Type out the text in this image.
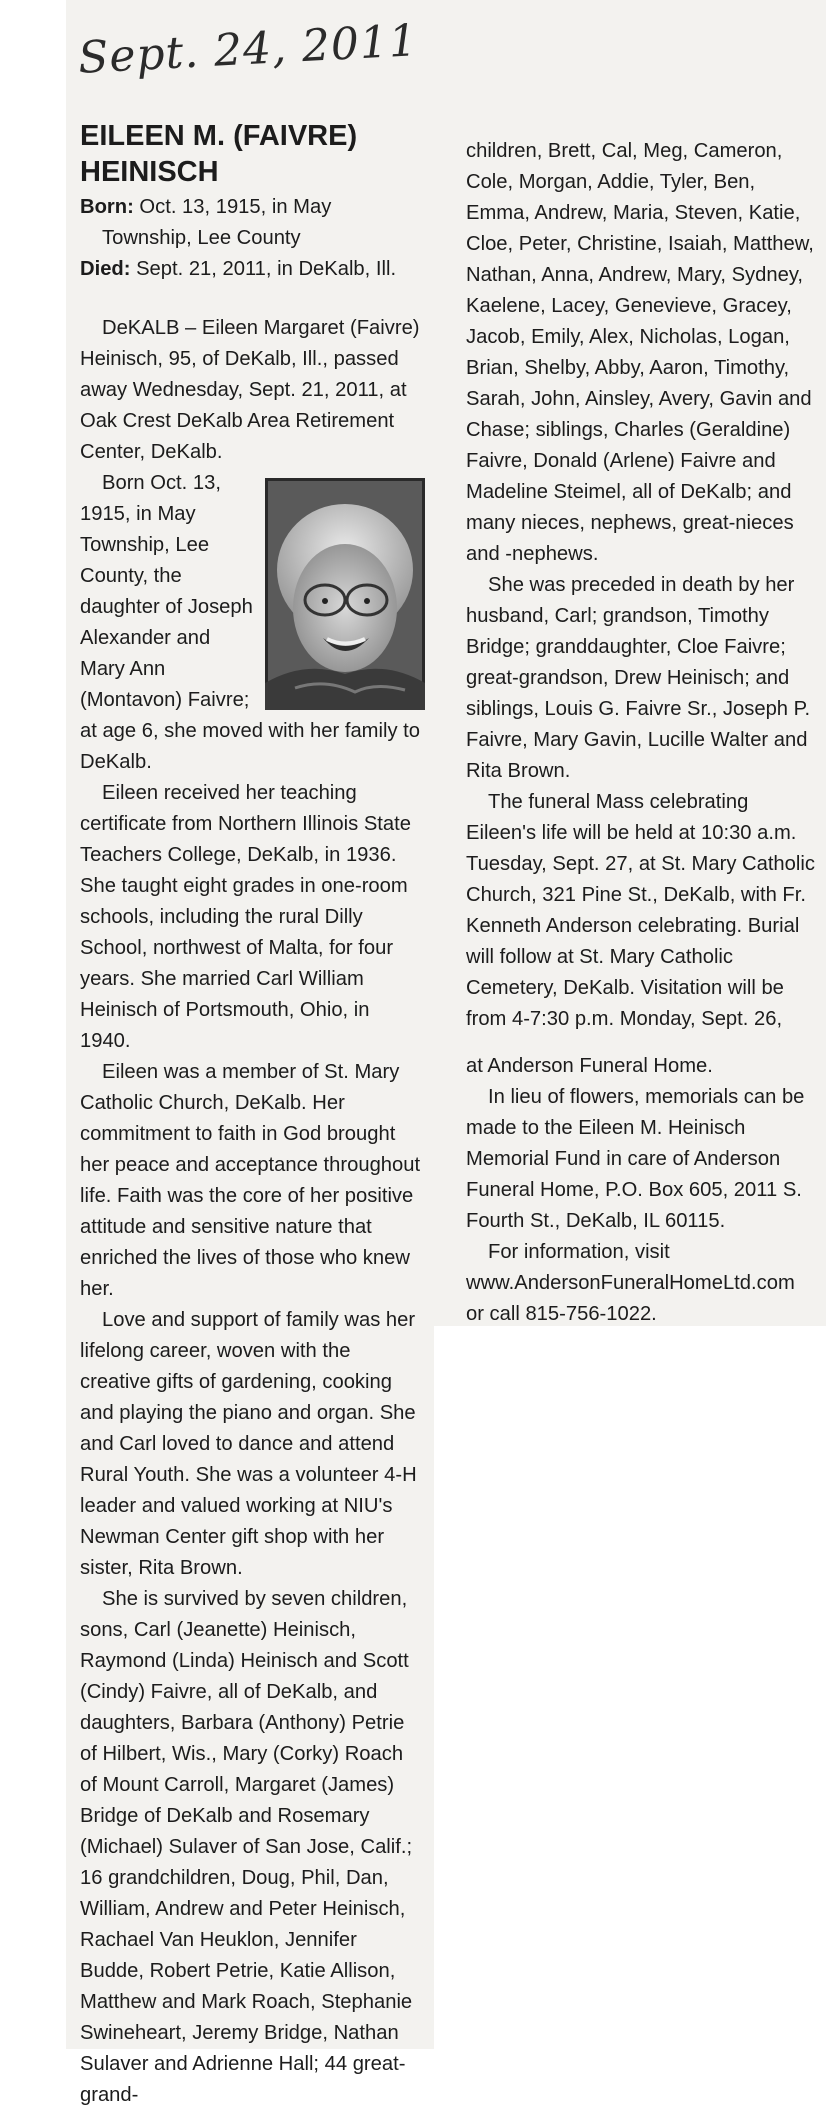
Sept. 24, 2011
EILEEN M. (FAIVRE) HEINISCH

Born: Oct. 13, 1915, in May Township, Lee County

Died: Sept. 21, 2011, in DeKalb, Ill.

DeKALB – Eileen Margaret (Faivre) Heinisch, 95, of DeKalb, Ill., passed away Wednesday, Sept. 21, 2011, at Oak Crest DeKalb Area Retirement Center, DeKalb.

Born Oct. 13, 1915, in May Township, Lee County, the daughter of Joseph Alexander and Mary Ann (Montavon) Faivre; at age 6, she moved with her family to DeKalb.

Eileen received her teaching certificate from Northern Illinois State Teachers College, DeKalb, in 1936. She taught eight grades in one-room schools, including the rural Dilly School, northwest of Malta, for four years. She married Carl William Heinisch of Portsmouth, Ohio, in 1940.

Eileen was a member of St. Mary Catholic Church, DeKalb. Her commitment to faith in God brought her peace and acceptance throughout life. Faith was the core of her positive attitude and sensitive nature that enriched the lives of those who knew her.

Love and support of family was her lifelong career, woven with the creative gifts of gardening, cooking and playing the piano and organ. She and Carl loved to dance and attend Rural Youth. She was a volunteer 4-H leader and valued working at NIU's Newman Center gift shop with her sister, Rita Brown.

She is survived by seven children, sons, Carl (Jeanette) Heinisch, Raymond (Linda) Heinisch and Scott (Cindy) Faivre, all of DeKalb, and daughters, Barbara (Anthony) Petrie of Hilbert, Wis., Mary (Corky) Roach of Mount Carroll, Margaret (James) Bridge of DeKalb and Rosemary (Michael) Sulaver of San Jose, Calif.; 16 grandchildren, Doug, Phil, Dan, William, Andrew and Peter Heinisch, Rachael Van Heuklon, Jennifer Budde, Robert Petrie, Katie Allison, Matthew and Mark Roach, Stephanie Swineheart, Jeremy Bridge, Nathan Sulaver and Adrienne Hall; 44 great-grand-

children, Brett, Cal, Meg, Cameron, Cole, Morgan, Addie, Tyler, Ben, Emma, Andrew, Maria, Steven, Katie, Cloe, Peter, Christine, Isaiah, Matthew, Nathan, Anna, Andrew, Mary, Sydney, Kaelene, Lacey, Genevieve, Gracey, Jacob, Emily, Alex, Nicholas, Logan, Brian, Shelby, Abby, Aaron, Timothy, Sarah, John, Ainsley, Avery, Gavin and Chase; siblings, Charles (Geraldine) Faivre, Donald (Arlene) Faivre and Madeline Steimel, all of DeKalb; and many nieces, nephews, great-nieces and -nephews.

She was preceded in death by her husband, Carl; grandson, Timothy Bridge; granddaughter, Cloe Faivre; great-grandson, Drew Heinisch; and siblings, Louis G. Faivre Sr., Joseph P. Faivre, Mary Gavin, Lucille Walter and Rita Brown.

The funeral Mass celebrating Eileen's life will be held at 10:30 a.m. Tuesday, Sept. 27, at St. Mary Catholic Church, 321 Pine St., DeKalb, with Fr. Kenneth Anderson celebrating. Burial will follow at St. Mary Catholic Cemetery, DeKalb. Visitation will be from 4-7:30 p.m. Monday, Sept. 26,

at Anderson Funeral Home.

In lieu of flowers, memorials can be made to the Eileen M. Heinisch Memorial Fund in care of Anderson Funeral Home, P.O. Box 605, 2011 S. Fourth St., DeKalb, IL 60115.

For information, visit www.AndersonFuneralHomeLtd.com or call 815-756-1022.
